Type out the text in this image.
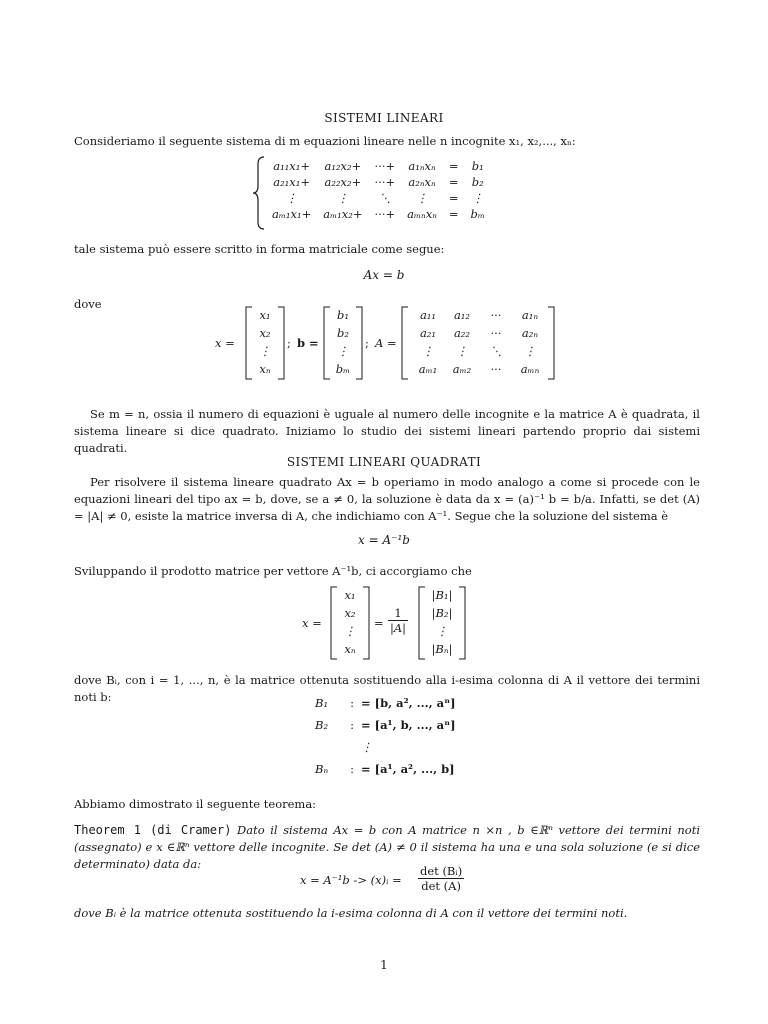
SISTEMI LINEARI
Consideriamo il seguente sistema di m equazioni lineare nelle n incognite x₁, x₂,..., xₙ:
a₁₁x₁+	a₁₂x₂+	···+	a₁ₙxₙ	=	b₁
a₂₁x₁+	a₂₂x₂+	···+	a₂ₙxₙ	=	b₂
⋮	⋮	⋱	⋮	=	⋮
aₘ₁x₁+	aₘ₁x₂+	···+	aₘₙxₙ	=	bₘ
tale sistema può essere scritto in forma matriciale come segue:
Ax = b
dove
x =
x₁
x₂
⋮
xₙ
; b =
b₁
b₂
⋮
bₘ
; A =
a₁₁	a₁₂	···	a₁ₙ
a₂₁	a₂₂	···	a₂ₙ
⋮	⋮	⋱	⋮
aₘ₁	aₘ₂	···	aₘₙ
Se m = n, ossia il numero di equazioni è uguale al numero delle incognite e la matrice A è quadrata, il sistema lineare si dice quadrato. Iniziamo lo studio dei sistemi lineari partendo proprio dai sistemi quadrati.
SISTEMI LINEARI QUADRATI
Per risolvere il sistema lineare quadrato Ax = b operiamo in modo analogo a come si procede con le equazioni lineari del tipo ax = b, dove, se a ≠ 0, la soluzione è data da x = (a)⁻¹ b = b/a. Infatti, se det (A) = |A| ≠ 0, esiste la matrice inversa di A, che indichiamo con A⁻¹. Segue che la soluzione del sistema è
x = A⁻¹b
Sviluppando il prodotto matrice per vettore A⁻¹b, ci accorgiamo che
x =
x₁
x₂
⋮
xₙ
= $\frac{1}{|A|}$
|B₁|
|B₂|
⋮
|Bₙ|
dove Bᵢ, con i = 1, ..., n, è la matrice ottenuta sostituendo alla i-esima colonna di A il vettore dei termini noti b:	B₁ : = [b, a², ..., aⁿ]
B₂ : = [a¹, b, ..., aⁿ]
⋮
Bₙ : = [a¹, a², ..., b]
Abbiamo dimostrato il seguente teorema:
Theorem 1 (di Cramer) Dato il sistema Ax = b con A matrice n ×n , b ∈ℝⁿ vettore dei termini noti (assegnato) e x ∈ℝⁿ vettore delle incognite. Se det (A) ≠ 0 il sistema ha una e una sola soluzione (e si dice determinato) data da:
x = A⁻¹b -> (x)ᵢ =
det (Bᵢ)
det (A)
dove Bᵢ è la matrice ottenuta sostituendo la i-esima colonna di A con il vettore dei termini noti.
1
